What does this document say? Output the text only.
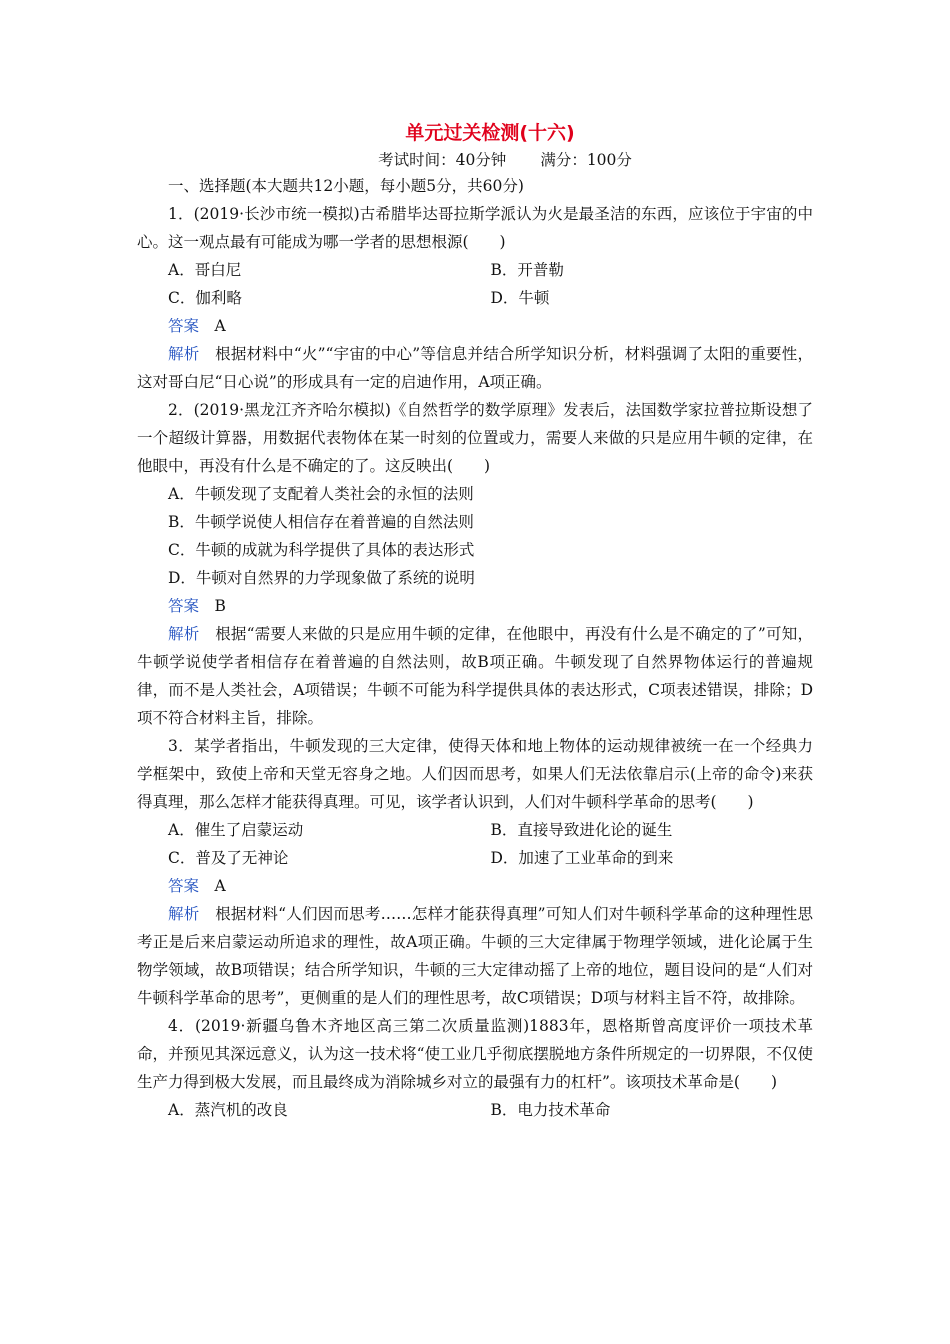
单元过关检测(十六)
考试时间：40分钟 满分：100分
一、选择题(本大题共12小题，每小题5分，共60分)
1．(2019·长沙市统一模拟)古希腊毕达哥拉斯学派认为火是最圣洁的东西，应该位于宇宙的中心。这一观点最有可能成为哪一学者的思想根源(　　)
A．哥白尼	B．开普勒
C．伽利略	D．牛顿
答案　 A
解析　 根据材料中“火”“宇宙的中心”等信息并结合所学知识分析，材料强调了太阳的重要性，这对哥白尼“日心说”的形成具有一定的启迪作用，A项正确。
2．(2019·黑龙江齐齐哈尔模拟)《自然哲学的数学原理》发表后，法国数学家拉普拉斯设想了一个超级计算器，用数据代表物体在某一时刻的位置或力，需要人来做的只是应用牛顿的定律，在他眼中，再没有什么是不确定的了。这反映出(　　)
A．牛顿发现了支配着人类社会的永恒的法则
B．牛顿学说使人相信存在着普遍的自然法则
C．牛顿的成就为科学提供了具体的表达形式
D．牛顿对自然界的力学现象做了系统的说明
答案　 B
解析　 根据“需要人来做的只是应用牛顿的定律，在他眼中，再没有什么是不确定的了”可知，牛顿学说使学者相信存在着普遍的自然法则，故B项正确。牛顿发现了自然界物体运行的普遍规律，而不是人类社会，A项错误；牛顿不可能为科学提供具体的表达形式，C项表述错误，排除；D项不符合材料主旨，排除。
3．某学者指出，牛顿发现的三大定律，使得天体和地上物体的运动规律被统一在一个经典力学框架中，致使上帝和天堂无容身之地。人们因而思考，如果人们无法依靠启示(上帝的命令)来获得真理，那么怎样才能获得真理。可见，该学者认识到，人们对牛顿科学革命的思考(　　)
A．催生了启蒙运动	B．直接导致进化论的诞生
C．普及了无神论	D．加速了工业革命的到来
答案　 A
解析　 根据材料“人们因而思考……怎样才能获得真理”可知人们对牛顿科学革命的这种理性思考正是后来启蒙运动所追求的理性，故A项正确。牛顿的三大定律属于物理学领域，进化论属于生物学领域，故B项错误；结合所学知识，牛顿的三大定律动摇了上帝的地位，题目设问的是“人们对牛顿科学革命的思考”，更侧重的是人们的理性思考，故C项错误；D项与材料主旨不符，故排除。
4．(2019·新疆乌鲁木齐地区高三第二次质量监测)1883年，恩格斯曾高度评价一项技术革命，并预见其深远意义，认为这一技术将“使工业几乎彻底摆脱地方条件所规定的一切界限，不仅使生产力得到极大发展，而且最终成为消除城乡对立的最强有力的杠杆”。该项技术革命是(　　)
A．蒸汽机的改良	B．电力技术革命
